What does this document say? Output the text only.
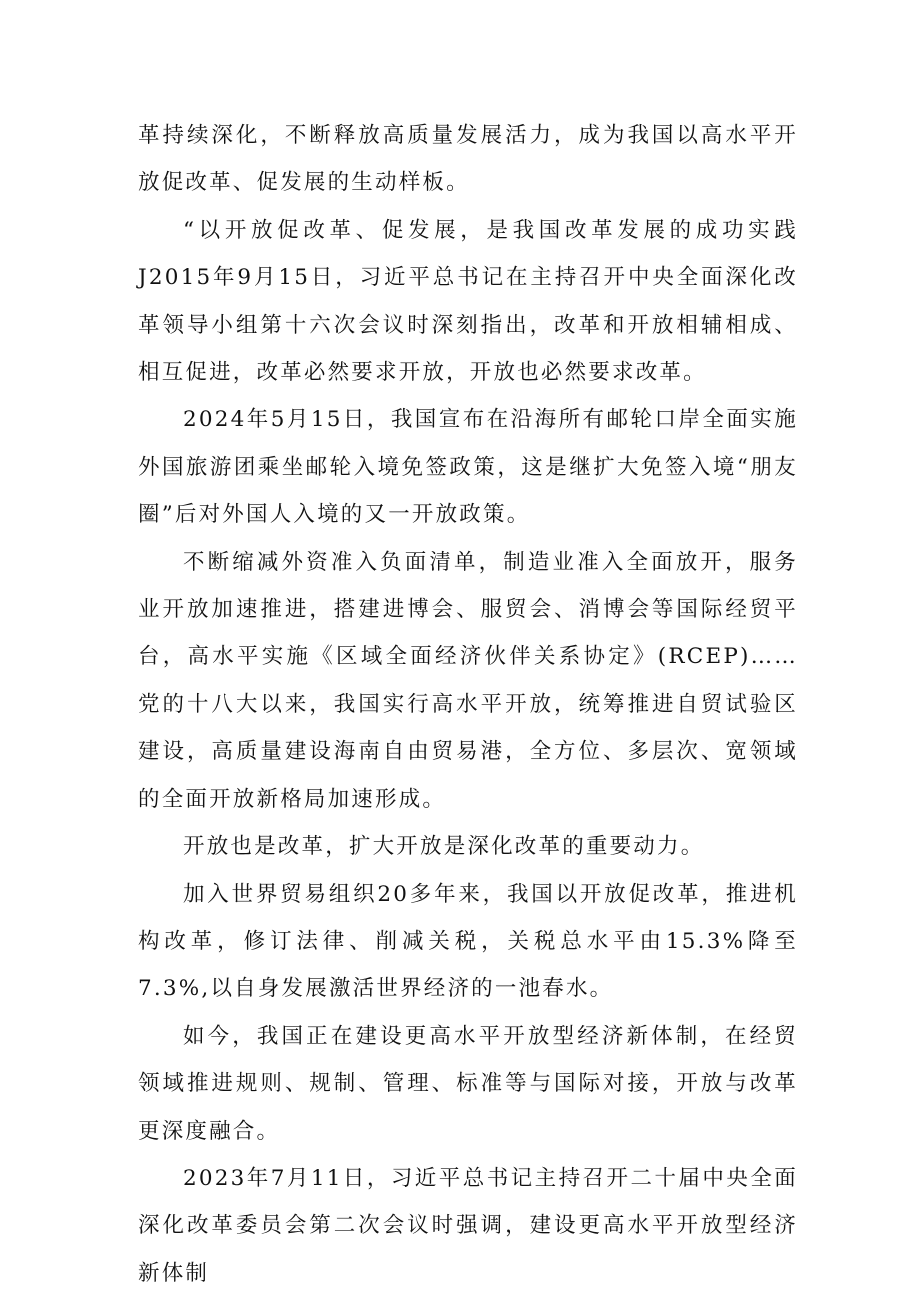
革持续深化，不断释放高质量发展活力，成为我国以高水平开放促改革、促发展的生动样板。

“以开放促改革、促发展，是我国改革发展的成功实践J2015年9月15日，习近平总书记在主持召开中央全面深化改革领导小组第十六次会议时深刻指出，改革和开放相辅相成、相互促进，改革必然要求开放，开放也必然要求改革。

2024年5月15日，我国宣布在沿海所有邮轮口岸全面实施外国旅游团乘坐邮轮入境免签政策，这是继扩大免签入境“朋友圈”后对外国人入境的又一开放政策。

不断缩减外资准入负面清单，制造业准入全面放开，服务业开放加速推进，搭建进博会、服贸会、消博会等国际经贸平台，高水平实施《区域全面经济伙伴关系协定》(RCEP)……党的十八大以来，我国实行高水平开放，统筹推进自贸试验区建设，高质量建设海南自由贸易港，全方位、多层次、宽领域的全面开放新格局加速形成。

开放也是改革，扩大开放是深化改革的重要动力。

加入世界贸易组织20多年来，我国以开放促改革，推进机构改革，修订法律、削减关税，关税总水平由15.3%降至7.3%,以自身发展激活世界经济的一池春水。

如今，我国正在建设更高水平开放型经济新体制，在经贸领域推进规则、规制、管理、标准等与国际对接，开放与改革更深度融合。

2023年7月11日，习近平总书记主持召开二十届中央全面深化改革委员会第二次会议时强调，建设更高水平开放型经济新体制
